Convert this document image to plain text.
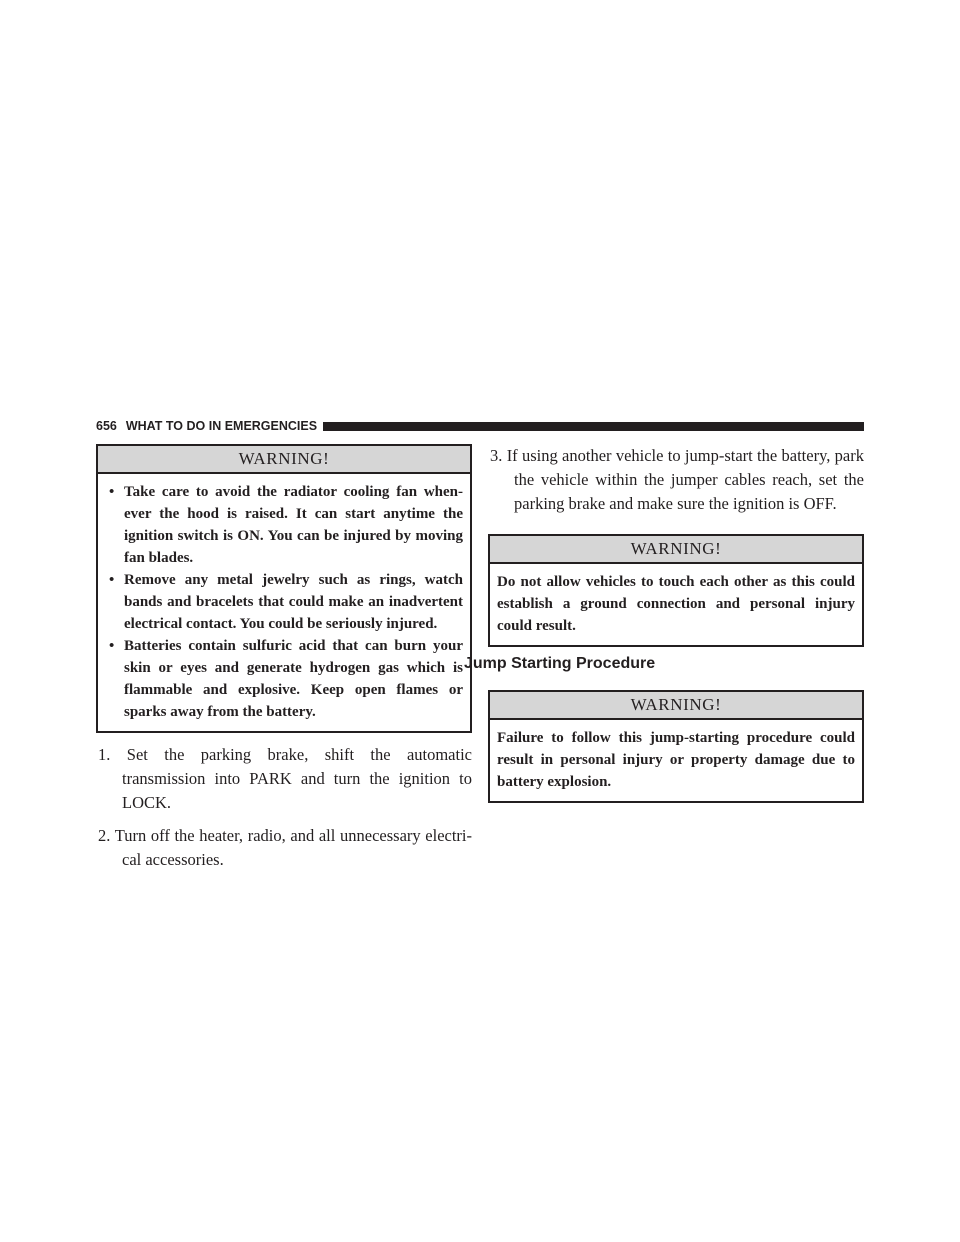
656 WHAT TO DO IN EMERGENCIES
WARNING!
• Take care to avoid the radiator cooling fan when-ever the hood is raised. It can start anytime the ignition switch is ON. You can be injured by moving fan blades.
• Remove any metal jewelry such as rings, watch bands and bracelets that could make an inadvertent electrical contact. You could be seriously injured.
• Batteries contain sulfuric acid that can burn your skin or eyes and generate hydrogen gas which is flammable and explosive. Keep open flames or sparks away from the battery.

1. Set the parking brake, shift the automatic transmission into PARK and turn the ignition to LOCK.

2. Turn off the heater, radio, and all unnecessary electri-cal accessories.

3. If using another vehicle to jump-start the battery, park the vehicle within the jumper cables reach, set the parking brake and make sure the ignition is OFF.

WARNING!

Do not allow vehicles to touch each other as this could establish a ground connection and personal injury could result.

Jump Starting Procedure

WARNING!

Failure to follow this jump-starting procedure could result in personal injury or property damage due to battery explosion.
